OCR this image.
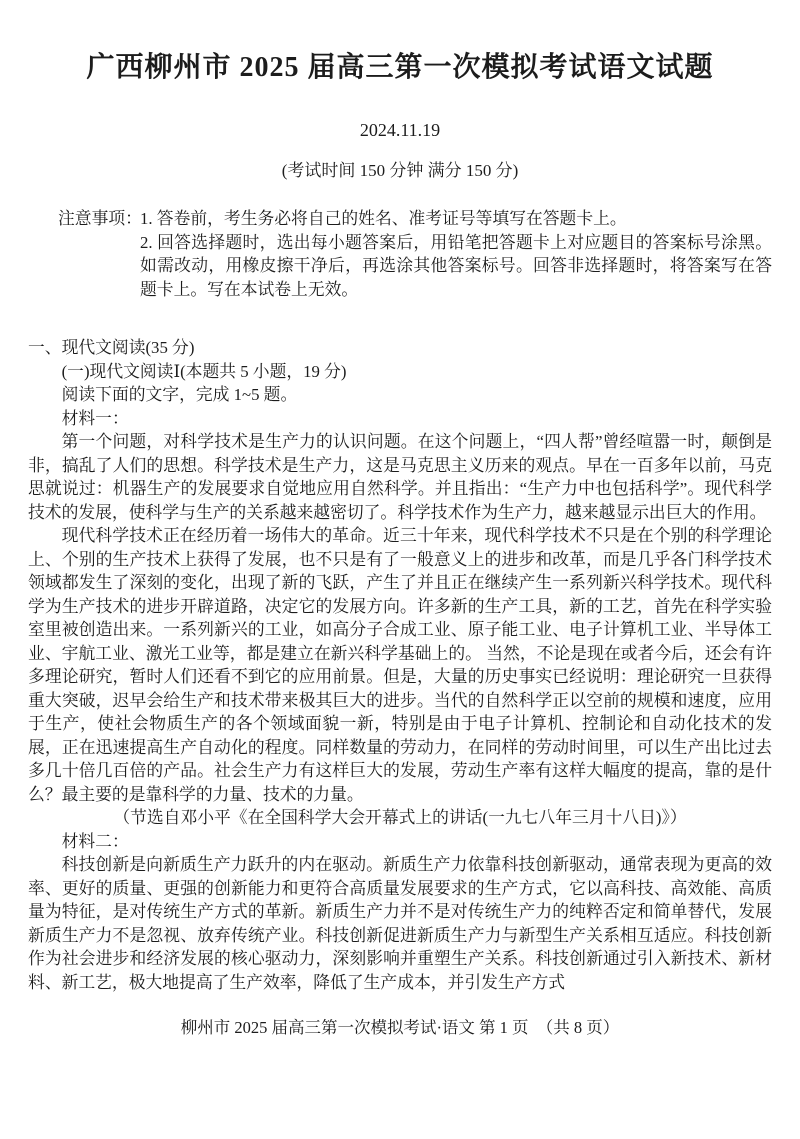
广西柳州市 2025 届高三第一次模拟考试语文试题
2024.11.19
(考试时间 150 分钟 满分 150 分)
注意事项：

1. 答卷前，考生务必将自己的姓名、准考证号等填写在答题卡上。

2. 回答选择题时，选出每小题答案后，用铅笔把答题卡上对应题目的答案标号涂黑。如需改动，用橡皮擦干净后，再选涂其他答案标号。回答非选择题时，将答案写在答题卡上。写在本试卷上无效。

一、现代文阅读(35 分)

(一)现代文阅读Ⅰ(本题共 5 小题，19 分)

阅读下面的文字，完成 1~5 题。

材料一：

第一个问题，对科学技术是生产力的认识问题。在这个问题上，“四人帮”曾经喧嚣一时，颠倒是非，搞乱了人们的思想。科学技术是生产力，这是马克思主义历来的观点。早在一百多年以前，马克思就说过：机器生产的发展要求自觉地应用自然科学。并且指出：“生产力中也包括科学”。现代科学技术的发展，使科学与生产的关系越来越密切了。科学技术作为生产力，越来越显示出巨大的作用。

现代科学技术正在经历着一场伟大的革命。近三十年来，现代科学技术不只是在个别的科学理论上、个别的生产技术上获得了发展，也不只是有了一般意义上的进步和改革，而是几乎各门科学技术领域都发生了深刻的变化，出现了新的飞跃，产生了并且正在继续产生一系列新兴科学技术。现代科学为生产技术的进步开辟道路，决定它的发展方向。许多新的生产工具，新的工艺，首先在科学实验室里被创造出来。一系列新兴的工业，如高分子合成工业、原子能工业、电子计算机工业、半导体工业、宇航工业、激光工业等，都是建立在新兴科学基础上的。 当然，不论是现在或者今后，还会有许多理论研究，暂时人们还看不到它的应用前景。但是，大量的历史事实已经说明：理论研究一旦获得重大突破，迟早会给生产和技术带来极其巨大的进步。当代的自然科学正以空前的规模和速度，应用于生产，使社会物质生产的各个领域面貌一新，特别是由于电子计算机、控制论和自动化技术的发展，正在迅速提高生产自动化的程度。同样数量的劳动力，在同样的劳动时间里，可以生产出比过去多几十倍几百倍的产品。社会生产力有这样巨大的发展，劳动生产率有这样大幅度的提高，靠的是什么？最主要的是靠科学的力量、技术的力量。

（节选自邓小平《在全国科学大会开幕式上的讲话(一九七八年三月十八日)》）

材料二：

科技创新是向新质生产力跃升的内在驱动。新质生产力依靠科技创新驱动，通常表现为更高的效率、更好的质量、更强的创新能力和更符合高质量发展要求的生产方式，它以高科技、高效能、高质量为特征，是对传统生产方式的革新。新质生产力并不是对传统生产力的纯粹否定和简单替代，发展新质生产力不是忽视、放弃传统产业。科技创新促进新质生产力与新型生产关系相互适应。科技创新作为社会进步和经济发展的核心驱动力，深刻影响并重塑生产关系。科技创新通过引入新技术、新材料、新工艺，极大地提高了生产效率，降低了生产成本，并引发生产方式

柳州市 2025 届高三第一次模拟考试·语文 第 1 页　（共 8 页）
